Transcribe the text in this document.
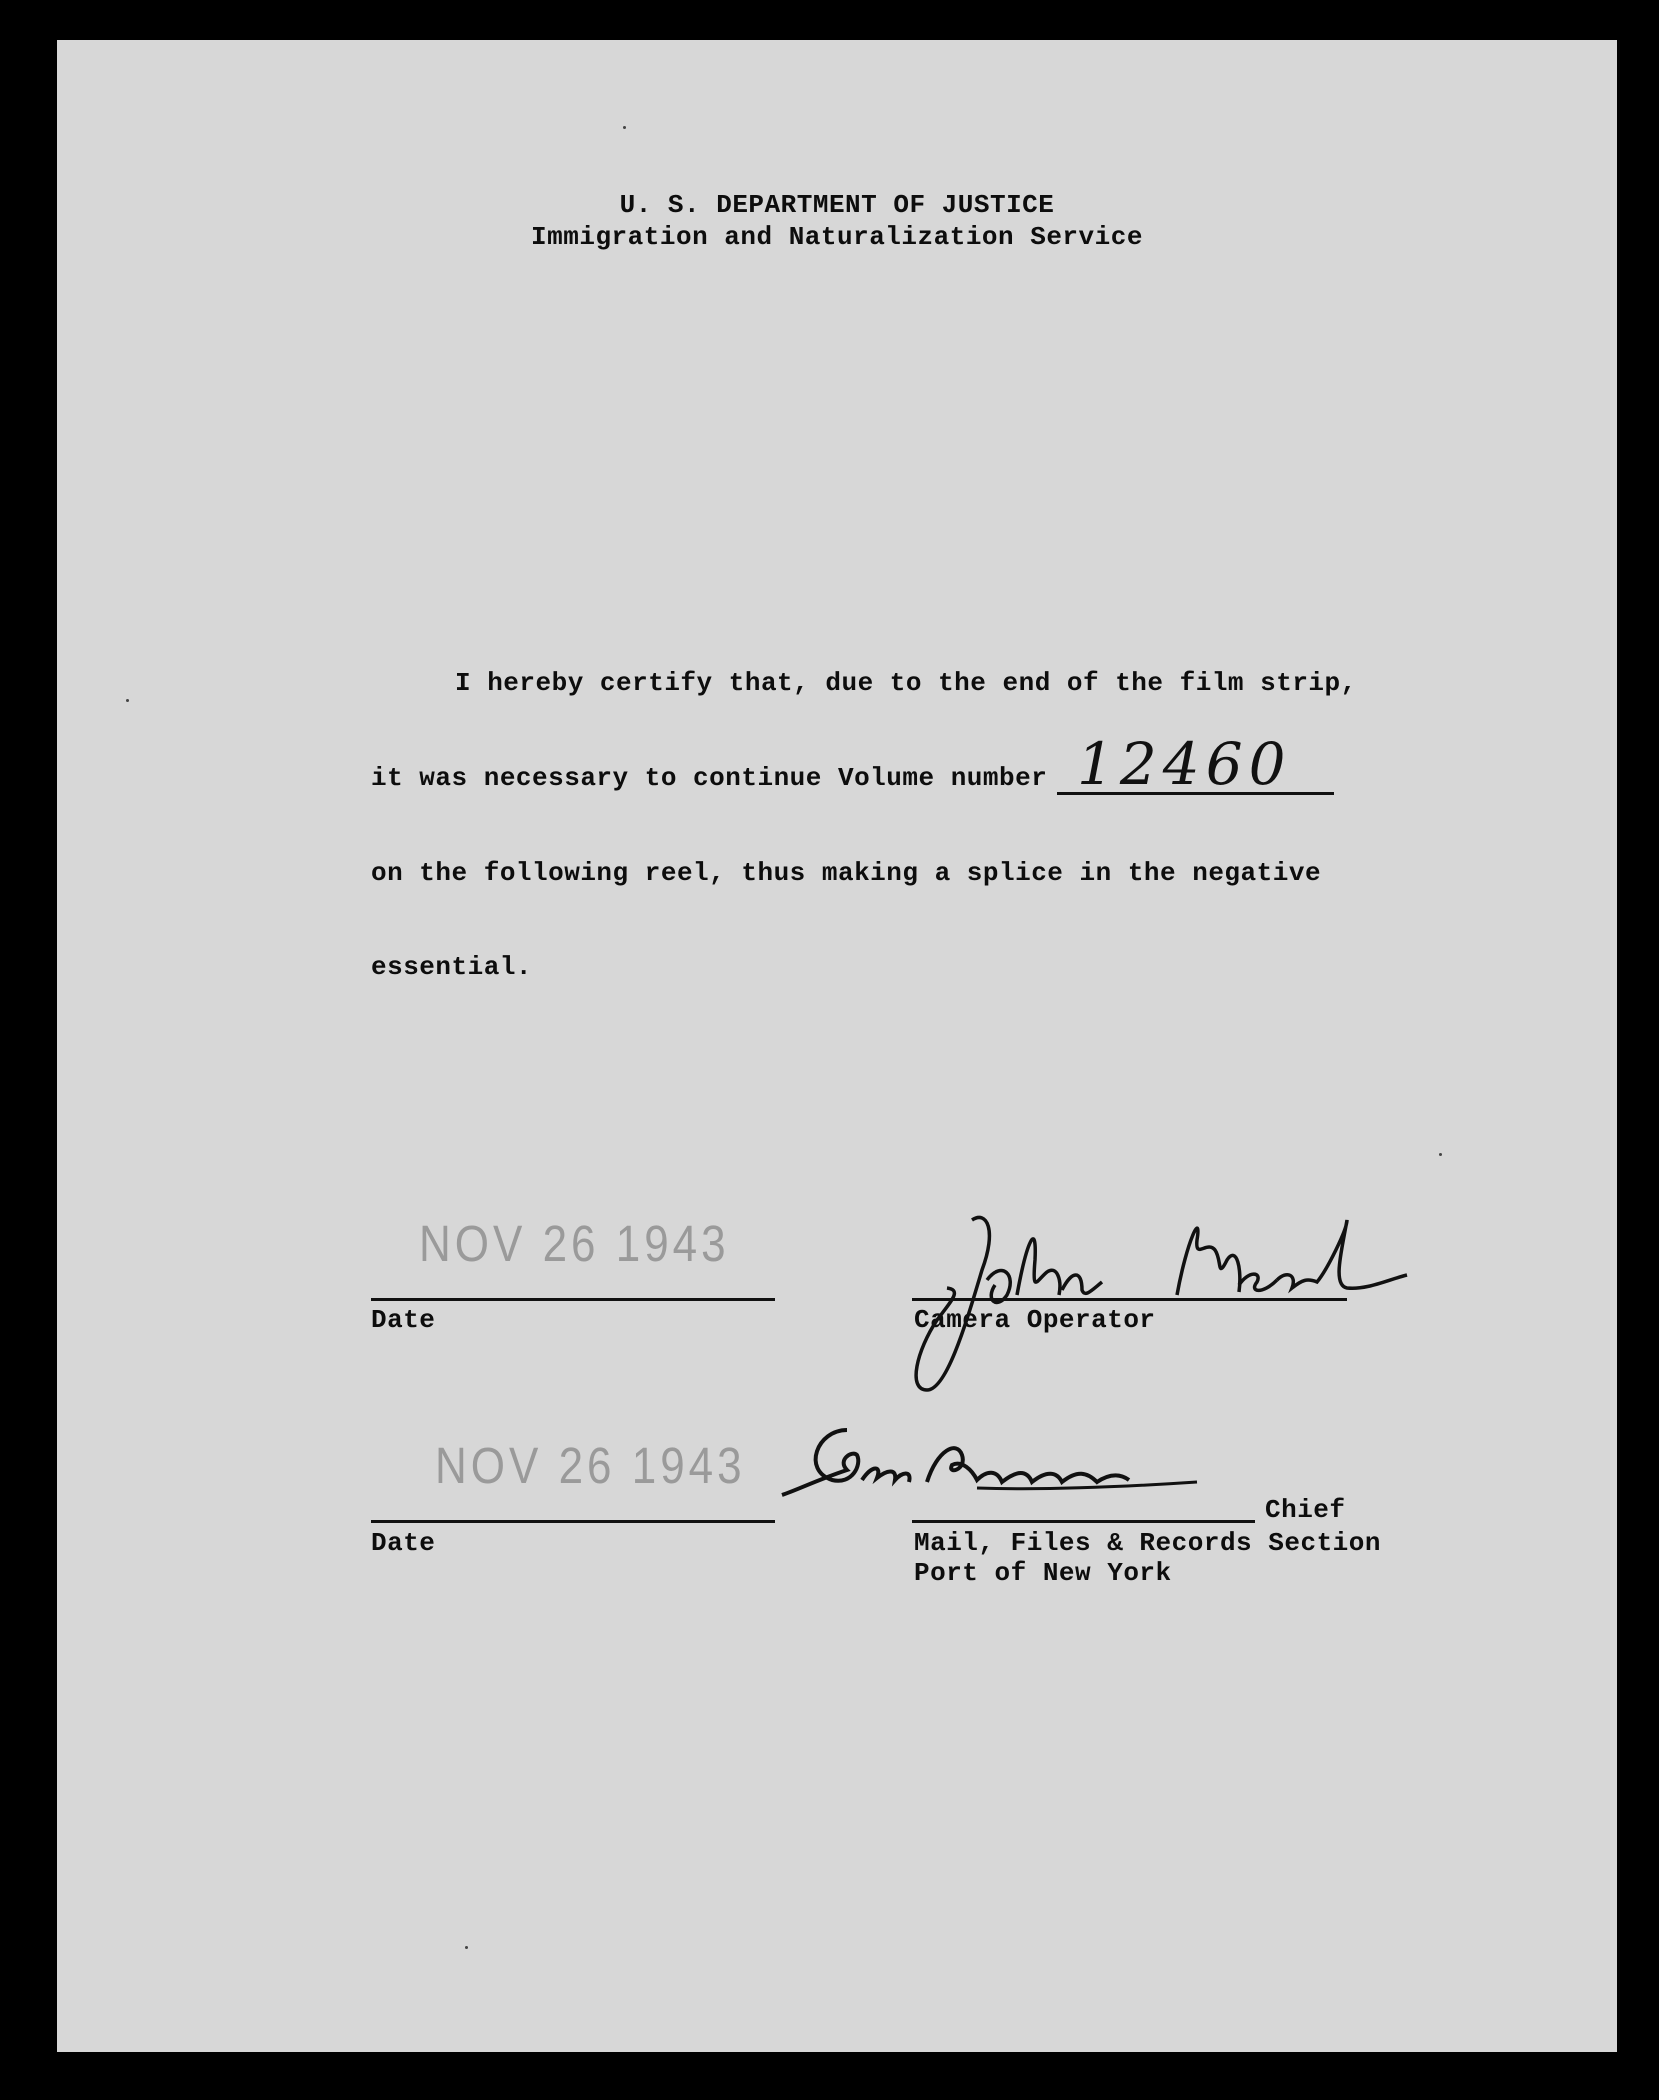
U. S. DEPARTMENT OF JUSTICE
Immigration and Naturalization Service
I hereby certify that, due to the end of the film strip,
it was necessary to continue Volume number 12460
on the following reel, thus making a splice in the negative
essential.
NOV 26 1943
Date	Camera Operator
NOV 26 1943
Date
Chief
Mail, Files & Records Section
Port of New York
